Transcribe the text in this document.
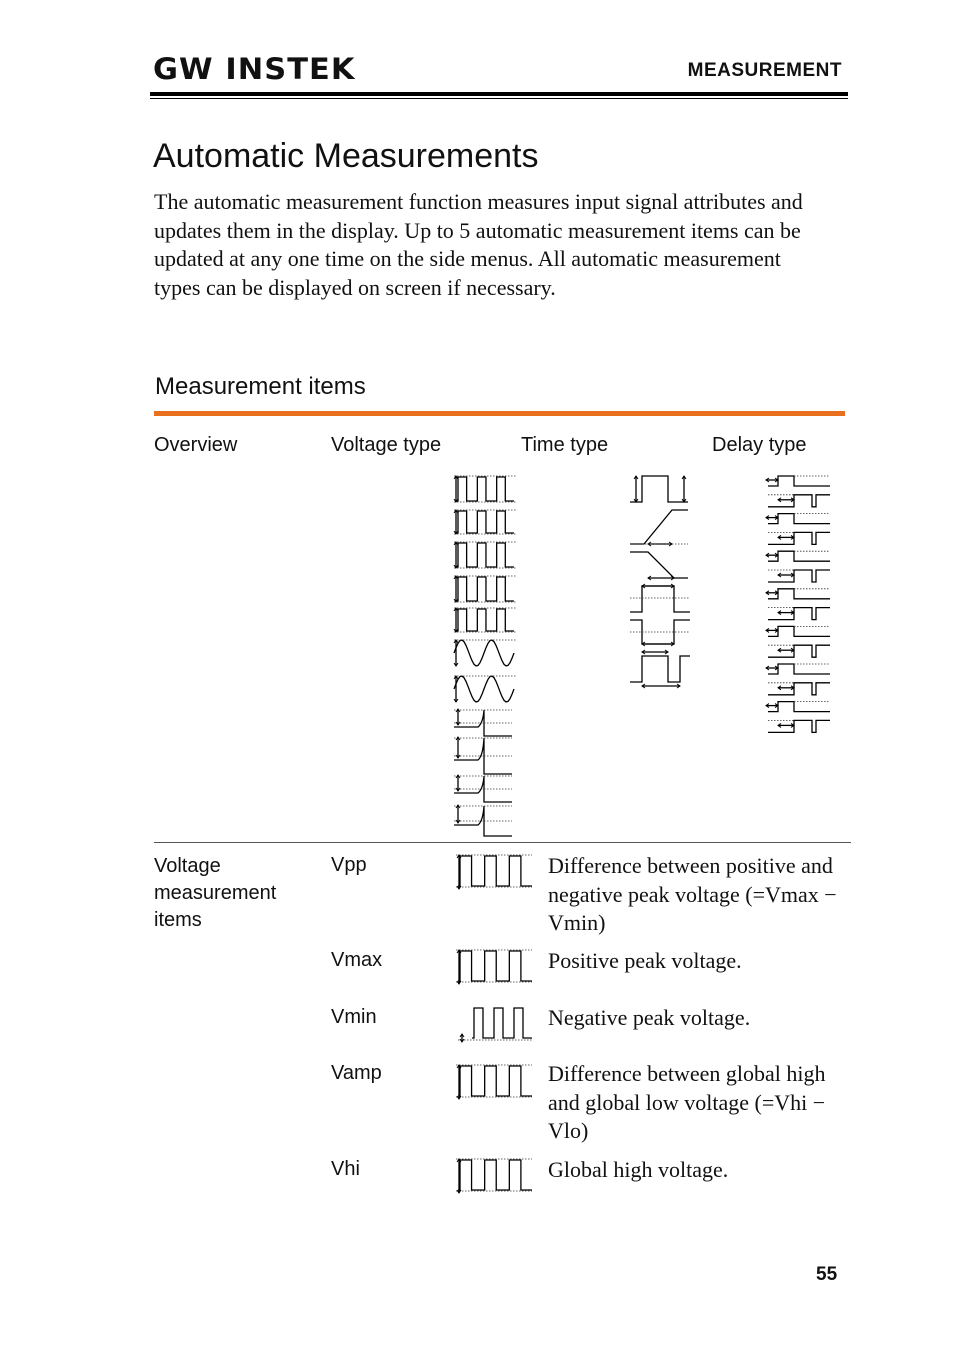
GW INSTEK	MEASUREMENT
Automatic Measurements

The automatic measurement function measures input signal attributes and updates them in the display. Up to 5 automatic measurement items can be updated at any one time on the side menus. All automatic measurement types can be displayed on screen if necessary.

Measurement items
Overview	Voltage type	Time type	Delay type
Voltage measurement items
Vpp	Difference between positive and negative peak voltage (=Vmax − Vmin)
Vmax	Positive peak voltage.
Vmin	Negative peak voltage.
Vamp	Difference between global high and global low voltage (=Vhi − Vlo)
Vhi	Global high voltage.
55
